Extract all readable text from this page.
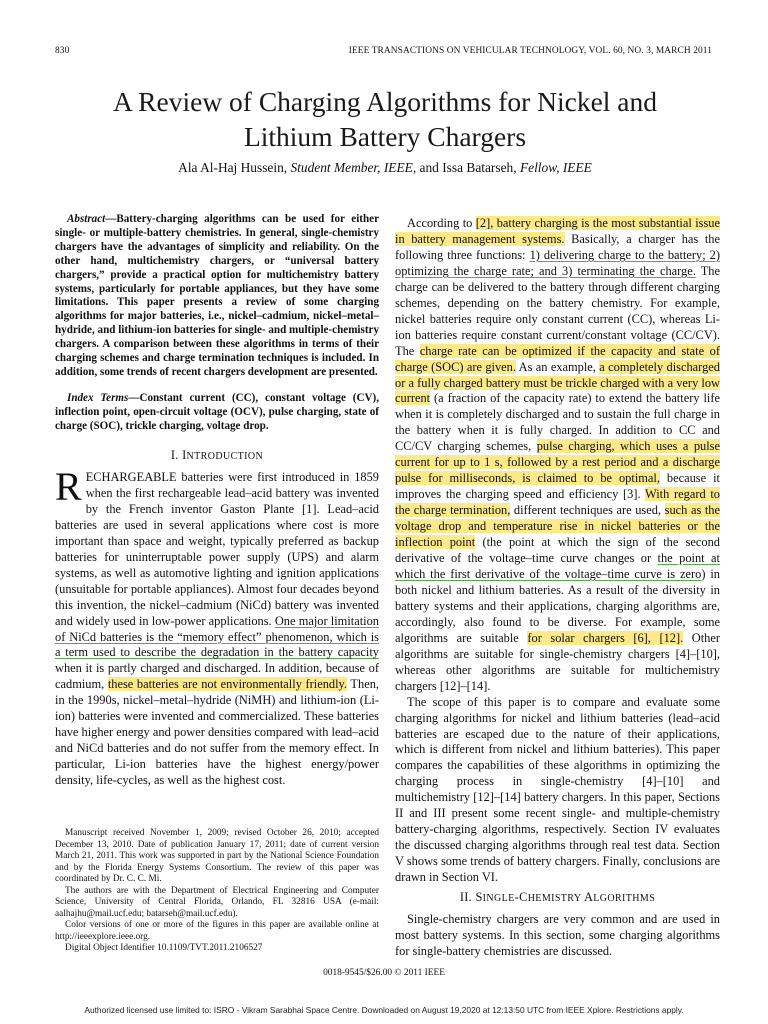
830	IEEE TRANSACTIONS ON VEHICULAR TECHNOLOGY, VOL. 60, NO. 3, MARCH 2011
A Review of Charging Algorithms for Nickel and
Lithium Battery Chargers
Ala Al-Haj Hussein, Student Member, IEEE, and Issa Batarseh, Fellow, IEEE

Abstract—Battery-charging algorithms can be used for either single- or multiple-battery chemistries. In general, single-chemistry chargers have the advantages of simplicity and reliability. On the other hand, multichemistry chargers, or “universal battery chargers,” provide a practical option for multichemistry battery systems, particularly for portable appliances, but they have some limitations. This paper presents a review of some charging algorithms for major batteries, i.e., nickel–cadmium, nickel–metal–hydride, and lithium-ion batteries for single- and multiple-chemistry chargers. A comparison between these algorithms in terms of their charging schemes and charge termination techniques is included. In addition, some trends of recent chargers development are presented.

Index Terms—Constant current (CC), constant voltage (CV), inflection point, open-circuit voltage (OCV), pulse charging, state of charge (SOC), trickle charging, voltage drop.

I. INTRODUCTION

RECHARGEABLE batteries were first introduced in 1859 when the first rechargeable lead–acid battery was invented by the French inventor Gaston Plante [1]. Lead–acid batteries are used in several applications where cost is more important than space and weight, typically preferred as backup batteries for uninterruptable power supply (UPS) and alarm systems, as well as automotive lighting and ignition applications (unsuitable for portable appliances). Almost four decades beyond this invention, the nickel–cadmium (NiCd) battery was invented and widely used in low-power applications. One major limitation of NiCd batteries is the “memory effect” phenomenon, which is a term used to describe the degradation in the battery capacity when it is partly charged and discharged. In addition, because of cadmium, these batteries are not environmentally friendly. Then, in the 1990s, nickel–metal–hydride (NiMH) and lithium-ion (Li-ion) batteries were invented and commercialized. These batteries have higher energy and power densities compared with lead–acid and NiCd batteries and do not suffer from the memory effect. In particular, Li-ion batteries have the highest energy/power density, life-cycles, as well as the highest cost.

Manuscript received November 1, 2009; revised October 26, 2010; accepted December 13, 2010. Date of publication January 17, 2011; date of current version March 21, 2011. This work was supported in part by the National Science Foundation and by the Florida Energy Systems Consortium. The review of this paper was coordinated by Dr. C. C. Mi.

The authors are with the Department of Electrical Engineering and Computer Science, University of Central Florida, Orlando, FL 32816 USA (e-mail: aalhajhu@mail.ucf.edu; batarseh@mail.ucf.edu).

Color versions of one or more of the figures in this paper are available online at http://ieeexplore.ieee.org.

Digital Object Identifier 10.1109/TVT.2011.2106527

According to [2], battery charging is the most substantial issue in battery management systems. Basically, a charger has the following three functions: 1) delivering charge to the battery; 2) optimizing the charge rate; and 3) terminating the charge. The charge can be delivered to the battery through different charging schemes, depending on the battery chemistry. For example, nickel batteries require only constant current (CC), whereas Li-ion batteries require constant current/constant voltage (CC/CV). The charge rate can be optimized if the capacity and state of charge (SOC) are given. As an example, a completely discharged or a fully charged battery must be trickle charged with a very low current (a fraction of the capacity rate) to extend the battery life when it is completely discharged and to sustain the full charge in the battery when it is fully charged. In addition to CC and CC/CV charging schemes, pulse charging, which uses a pulse current for up to 1 s, followed by a rest period and a discharge pulse for milliseconds, is claimed to be optimal, because it improves the charging speed and efficiency [3]. With regard to the charge termination, different techniques are used, such as the voltage drop and temperature rise in nickel batteries or the inflection point (the point at which the sign of the second derivative of the voltage–time curve changes or the point at which the first derivative of the voltage–time curve is zero) in both nickel and lithium batteries. As a result of the diversity in battery systems and their applications, charging algorithms are, accordingly, also found to be diverse. For example, some algorithms are suitable for solar chargers [6], [12]. Other algorithms are suitable for single-chemistry chargers [4]–[10], whereas other algorithms are suitable for multichemistry chargers [12]–[14].

The scope of this paper is to compare and evaluate some charging algorithms for nickel and lithium batteries (lead–acid batteries are escaped due to the nature of their applications, which is different from nickel and lithium batteries). This paper compares the capabilities of these algorithms in optimizing the charging process in single-chemistry [4]–[10] and multichemistry [12]–[14] battery chargers. In this paper, Sections II and III present some recent single- and multiple-chemistry battery-charging algorithms, respectively. Section IV evaluates the discussed charging algorithms through real test data. Section V shows some trends of battery chargers. Finally, conclusions are drawn in Section VI.

II. SINGLE-CHEMISTRY ALGORITHMS

Single-chemistry chargers are very common and are used in most battery systems. In this section, some charging algorithms for single-battery chemistries are discussed.

0018-9545/$26.00 © 2011 IEEE
Authorized licensed use limited to: ISRO - Vikram Sarabhai Space Centre. Downloaded on August 19,2020 at 12:13:50 UTC from IEEE Xplore. Restrictions apply.
